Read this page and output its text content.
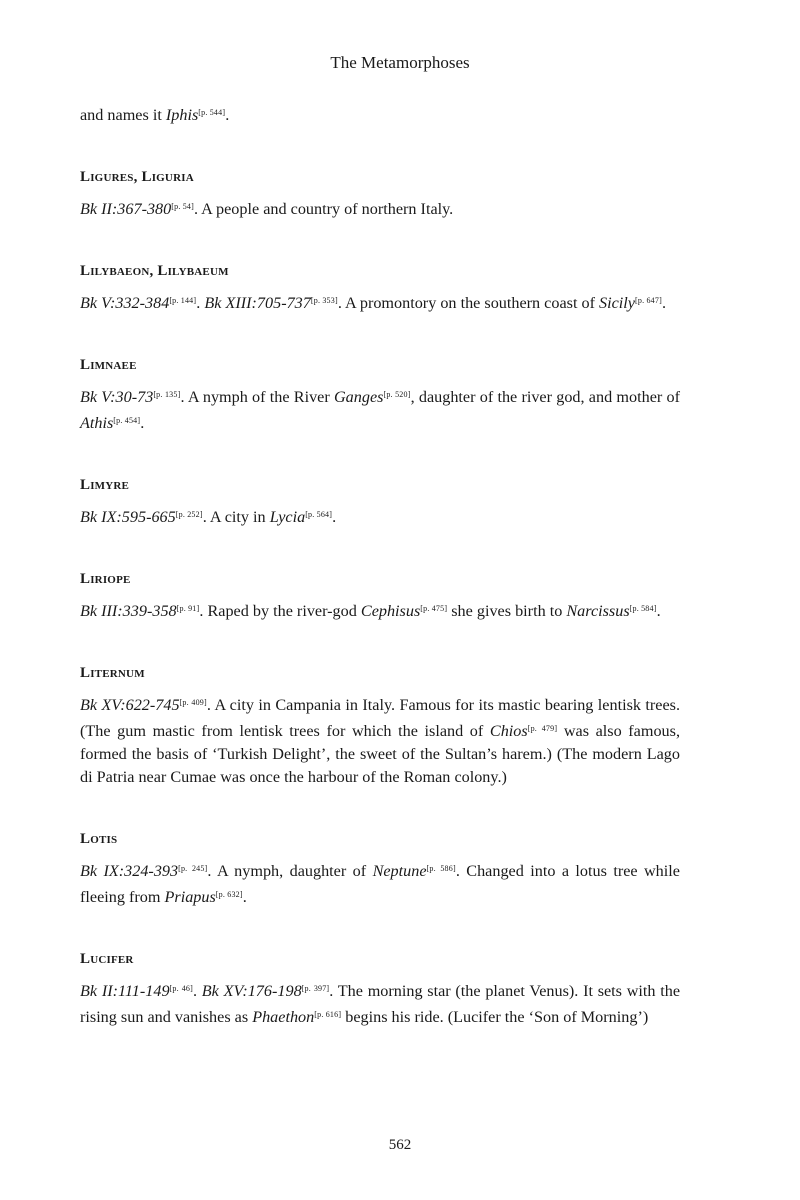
The Metamorphoses

and names it Iphis[p. 544].

Ligures, Liguria

Bk II:367-380[p. 54]. A people and country of northern Italy.

Lilybaeon, Lilybaeum

Bk V:332-384[p. 144]. Bk XIII:705-737[p. 353]. A promontory on the southern coast of Sicily[p. 647].

Limnaee

Bk V:30-73[p. 135]. A nymph of the River Ganges[p. 520], daughter of the river god, and mother of Athis[p. 454].

Limyre

Bk IX:595-665[p. 252]. A city in Lycia[p. 564].

Liriope

Bk III:339-358[p. 91]. Raped by the river-god Cephisus[p. 475] she gives birth to Narcissus[p. 584].

Liternum

Bk XV:622-745[p. 409]. A city in Campania in Italy. Famous for its mastic bearing lentisk trees. (The gum mastic from lentisk trees for which the island of Chios[p. 479] was also famous, formed the basis of ‘Turkish Delight’, the sweet of the Sultan’s harem.) (The modern Lago di Patria near Cumae was once the harbour of the Roman colony.)

Lotis

Bk IX:324-393[p. 245]. A nymph, daughter of Neptune[p. 586]. Changed into a lotus tree while fleeing from Priapus[p. 632].

Lucifer

Bk II:111-149[p. 46]. Bk XV:176-198[p. 397]. The morning star (the planet Venus). It sets with the rising sun and vanishes as Phaethon[p. 616] begins his ride. (Lucifer the ‘Son of Morning’)

562
